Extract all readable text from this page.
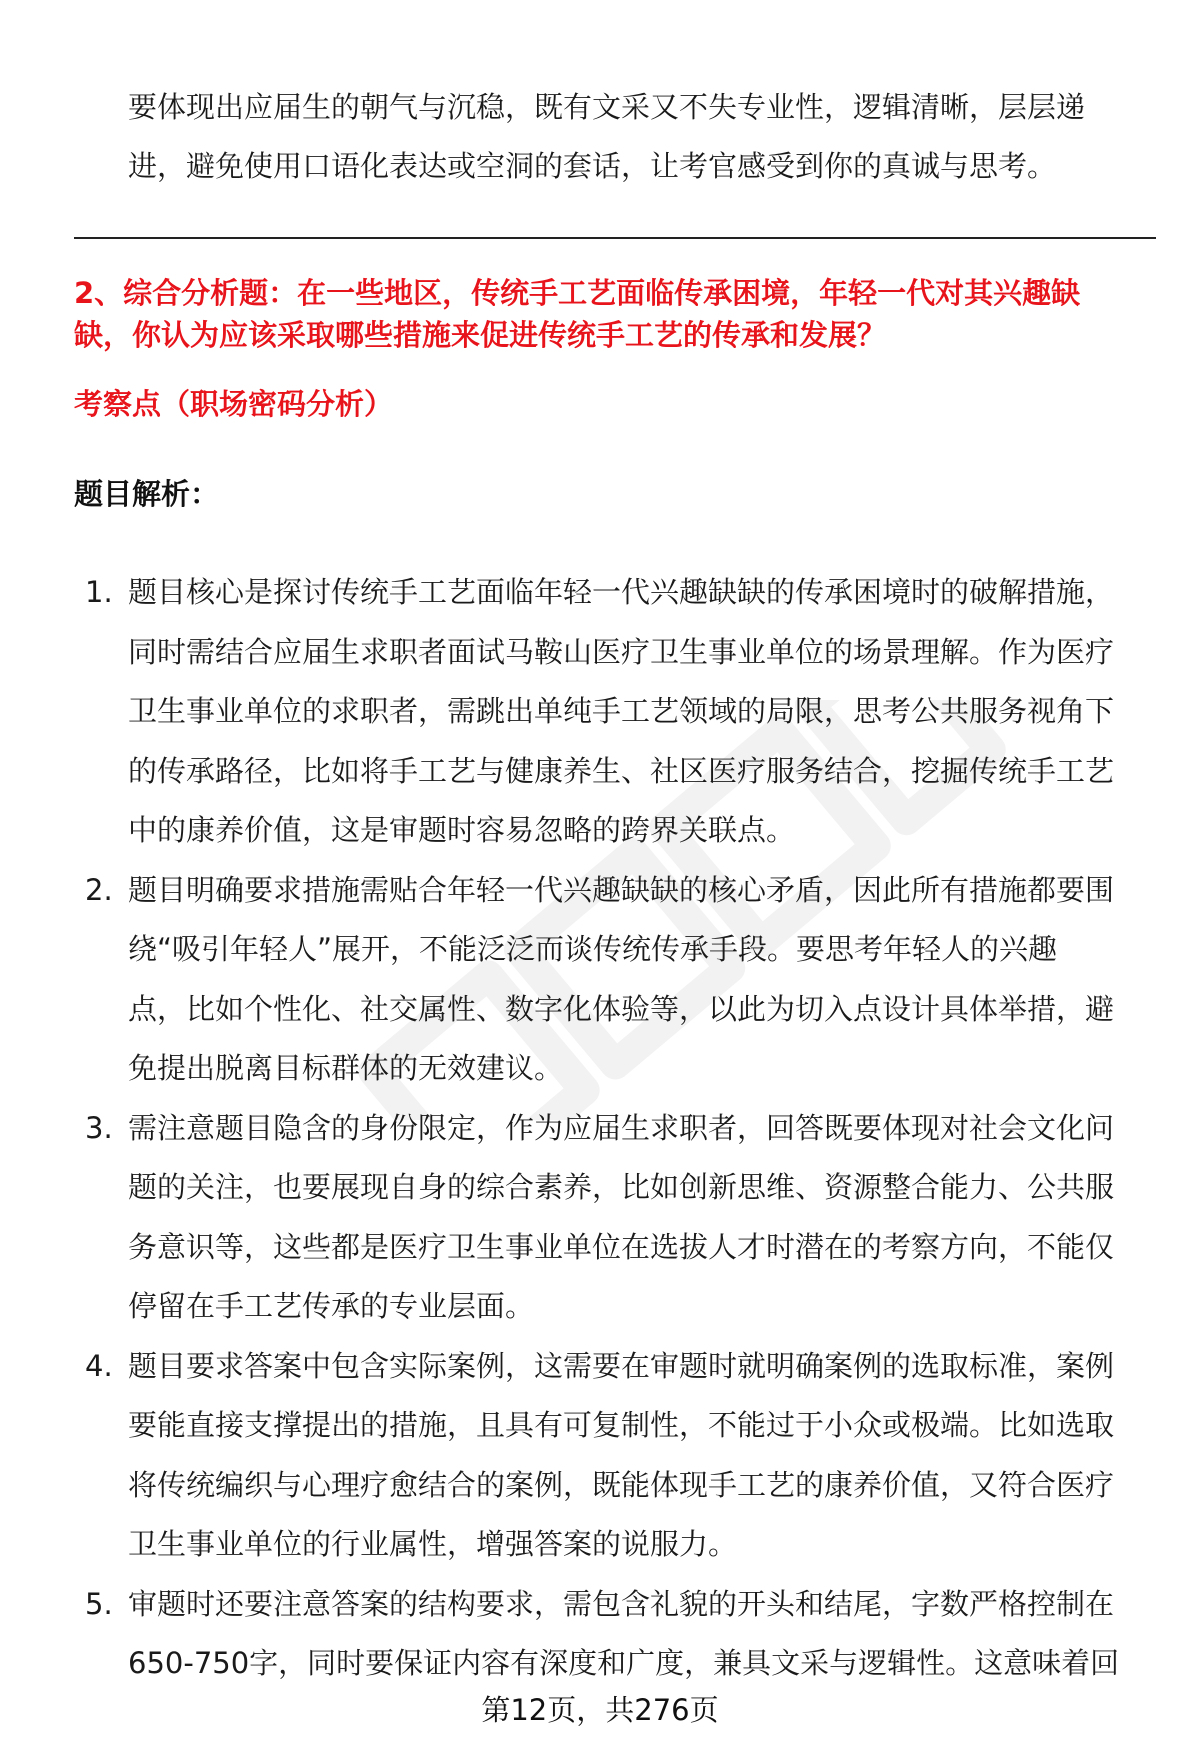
要体现出应届生的朝气与沉稳，既有文采又不失专业性，逻辑清晰，层层递

进，避免使用口语化表达或空洞的套话，让考官感受到你的真诚与思考。

2、综合分析题：在一些地区，传统手工艺面临传承困境，年轻一代对其兴趣缺

缺，你认为应该采取哪些措施来促进传统手工艺的传承和发展？

考察点（职场密码分析）
题目解析：
1. 题目核心是探讨传统手工艺面临年轻一代兴趣缺缺的传承困境时的破解措施，
同时需结合应届生求职者面试马鞍山医疗卫生事业单位的场景理解。作为医疗
卫生事业单位的求职者，需跳出单纯手工艺领域的局限，思考公共服务视角下
的传承路径，比如将手工艺与健康养生、社区医疗服务结合，挖掘传统手工艺
中的康养价值，这是审题时容易忽略的跨界关联点。
2. 题目明确要求措施需贴合年轻一代兴趣缺缺的核心矛盾，因此所有措施都要围
绕“吸引年轻人”展开，不能泛泛而谈传统传承手段。要思考年轻人的兴趣
点，比如个性化、社交属性、数字化体验等，以此为切入点设计具体举措，避
免提出脱离目标群体的无效建议。
3. 需注意题目隐含的身份限定，作为应届生求职者，回答既要体现对社会文化问
题的关注，也要展现自身的综合素养，比如创新思维、资源整合能力、公共服
务意识等，这些都是医疗卫生事业单位在选拔人才时潜在的考察方向，不能仅
停留在手工艺传承的专业层面。
4. 题目要求答案中包含实际案例，这需要在审题时就明确案例的选取标准，案例
要能直接支撑提出的措施，且具有可复制性，不能过于小众或极端。比如选取
将传统编织与心理疗愈结合的案例，既能体现手工艺的康养价值，又符合医疗
卫生事业单位的行业属性，增强答案的说服力。
5. 审题时还要注意答案的结构要求，需包含礼貌的开头和结尾，字数严格控制在
650-750字，同时要保证内容有深度和广度，兼具文采与逻辑性。这意味着回
第12页，共276页
